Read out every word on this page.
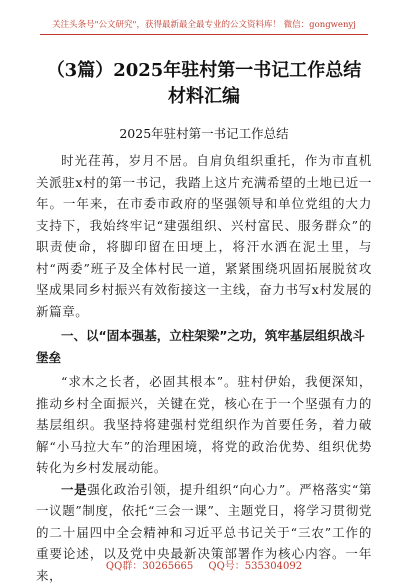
关注头条号"公文研究"，获得最新最全最专业的公文资料库！ 微信：gongwenyj
（3篇）2025年驻村第一书记工作总结材料汇编
2025年驻村第一书记工作总结

时光荏苒，岁月不居。自肩负组织重托，作为市直机关派驻x村的第一书记，我踏上这片充满希望的土地已近一年。一年来，在市委市政府的坚强领导和单位党组的大力支持下，我始终牢记“建强组织、兴村富民、服务群众”的职责使命，将脚印留在田埂上，将汗水洒在泥土里，与村“两委”班子及全体村民一道，紧紧围绕巩固拓展脱贫攻坚成果同乡村振兴有效衔接这一主线，奋力书写x村发展的新篇章。

一、以“固本强基，立柱架梁”之功，筑牢基层组织战斗堡垒

“求木之长者，必固其根本”。驻村伊始，我便深知，推动乡村全面振兴，关键在党，核心在于一个坚强有力的基层组织。我坚持将建强村党组织作为首要任务，着力破解“小马拉大车”的治理困境，将党的政治优势、组织优势转化为乡村发展动能。

一是强化政治引领，提升组织“向心力”。严格落实“第一议题”制度，依托“三会一课”、主题党日，将学习贯彻党的二十届四中全会精神和习近平总书记关于“三农”工作的重要论述，以及党中央最新决策部署作为核心内容。一年来，

QQ群：30265665 QQ号：535304092
